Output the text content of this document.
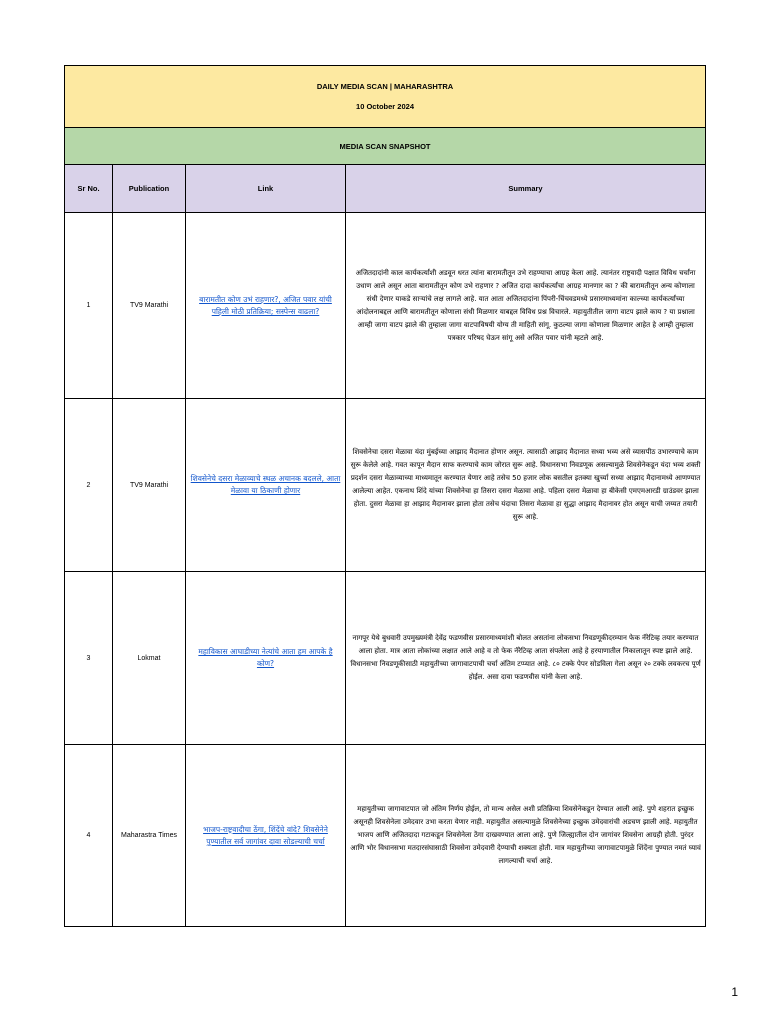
DAILY MEDIA SCAN | MAHARASHTRA
10 October 2024			

MEDIA SCAN SNAPSHOT			
Sr No.	Publication	Link	Summary
1	TV9 Marathi	बारामतीत कोण उभं राहणार?, अजित पवार यांची पहिली मोठी प्रतिक्रिया; सस्पेन्स वाढला?	अजितदादांनी काल कार्यकर्त्यांशी अडवून धरत त्यांना बारामतीतून उभे राहण्याचा आग्रह केला आहे. त्यानंतर राष्ट्रवादी पक्षात विविध चर्चांना उधाण आले असून आता बारामतीतून कोण उभे राहणार ? अजित दादा कार्यकर्त्यांचा आग्रह मानणार का ? की बारामतीतून अन्य कोणाला संधी देणार याकडे साऱ्यांचे लक्ष लागले आहे. यात आता अजितदादांना पिंपरी-चिंचवडमध्ये प्रसारमाध्यमांना काल्च्या कार्यकर्त्यांच्या आंदोलनाबद्दल आणि बारामतीतून कोणाला संधी मिळणार याबद्दल विविध प्रश्न विचारले. महायुतीतील जागा वाटप झाले काय ? या प्रश्नाला आम्ही जागा वाटप झाले की तुम्हाला जागा वाटपाविषयी योग्य ती माहिती सांगू. कुठल्या जागा कोणाला मिळणार आहेत हे आम्ही तुम्हाला पत्रकार परिषद घेऊन सांगू असे अजित पवार यांनी म्हटले आहे.
2	TV9 Marathi	शिवसेनेचे दसरा मेळाव्याचे स्थळ अचानक बदलले, आता मेळावा या ठिकाणी होणार	शिवसेनेचा दसरा मेळावा यंदा मुंबईच्या आझाद मैदानात होणार असून. त्यासाठी आझाद मैदानात सध्या भव्य असे व्यासपीठ उभारण्याचे काम सुरू केलेले आहे. गवत कापून मैदान साफ करण्याचे काम जोरात सुरू आहे. विधानसभा निवडणूक असल्यामुळे शिवसेनेकडून यंदा भव्य शक्ती प्रदर्शन दसरा मेळाव्याच्या माध्यमातून करण्यात येणार आहे तसेच 50 हजार लोक बसतील इतक्या खुर्च्या सध्या आझाद मैदानामध्ये आणण्यात आलेल्या आहेत. एकनाथ शिंदे यांच्या शिवसेनेचा हा तिसरा दसरा मेळावा आहे. पहिला दसरा मेळावा हा बीकेसी एमएमआरडी ग्राउंडवर झाला होता. दुसरा मेळावा हा आझाद मैदानावर झाला होता तसेच यंदाचा तिसरा मेळावा हा सुद्धा आझाद मैदानावर होत असून याची जय्यत तयारी सुरू आहे.
3	Lokmat	महाविकास आघाडीच्या नेत्यांचे आता हम आपके है कोण?	नागपूर येथे बुधवारी उपमुख्यमंत्री देवेंद्र फडणवीस प्रसारमाध्यमांशी बोलत असतांना लोकसभा निवडणूकीदरम्यान फेक नॅरेटिव्ह तयार करण्यात आला होता. मात्र आता लोकांच्या लक्षात आले आहे व तो फेक नॅरेटिव्ह आता संपलेला आहे हे हरयाणातील निकालातून स्पष्ट झाले आहे. विधानसभा निवडणूकीसाठी महायुतीच्या जागावाटपाची चर्चा अंतिम टप्प्यात आहे. ८० टक्के पेपर सोडविला गेला असून २० टक्के लवकरच पूर्ण होईल. असा दावा फडणवीस यांनी केला आहे.
4	Maharastra Times	भाजप-राष्ट्रवादीचा ठेंगा, शिंदेंचे वांदे? शिवसेनेने पुण्यातील सर्व जागांवर दावा सोडल्याची चर्चा	महायुतीच्या जागावाटपात जो अंतिम निर्णय होईल, तो मान्य असेल अशी प्रतिक्रिया शिवसेनेकडून देण्यात आली आहे. पुणे शहरात इच्छुक असूनही शिवसेनेला उमेदवार उभा करता येणार नाही. महायुतीत असल्यामुळे शिवसेनेच्या इच्छुक उमेदवारांची अडचण झाली आहे. महायुतीत भाजप आणि अजितदादा गटाकडून शिवसेनेला ठेंगा दाखवण्यात आला आहे. पुणे जिल्ह्यातील दोन जागांवर शिवसेना आग्रही होती. पुरंदर आणि भोर विधानसभा मतदारसंघासाठी शिवसेना उमेदवारी देण्याची शक्यता होती. मात्र महायुतीच्या जागावाटपामुळे शिंदेंना पुण्यात नमतं घ्यावं लागल्याची चर्चा आहे.
1
